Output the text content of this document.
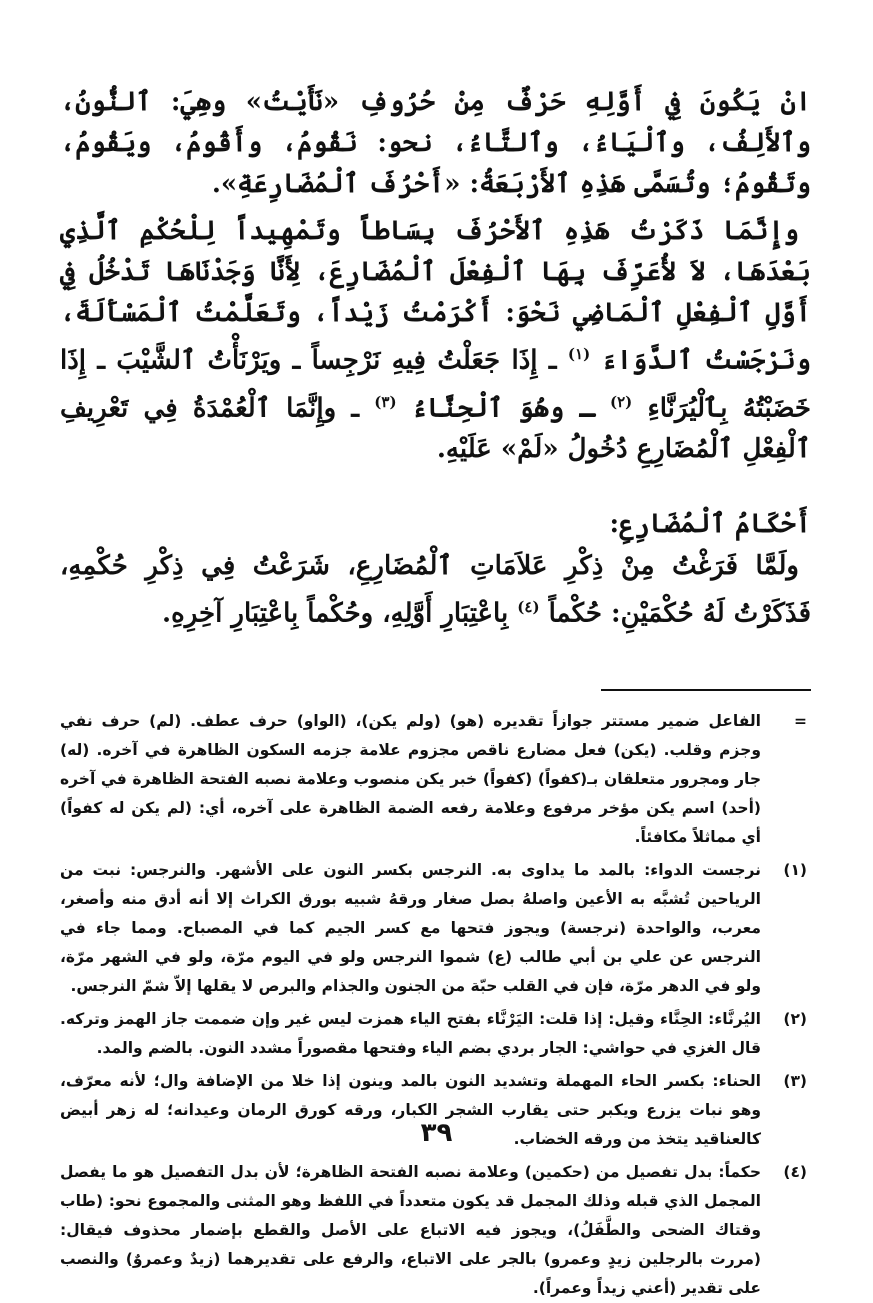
انْ يَكُونَ فِي أَوَّلِهِ حَرْفٌ مِنْ حُرُوفِ «نَأَيْتُ» وهِيَ: ٱلنُّونُ، وٱلأَلِفُ، وٱلْيَاءُ، وٱلتَّاءُ، نحو: نَقُومُ، وأَقُومُ، ويَقُومُ، وتَقُومُ؛ وتُسَمَّى هَذِهِ ٱلأَرْبَعَةُ: «أَحْرُفَ ٱلْمُضَارِعَةِ».

وإِنَّمَا ذَكَرْتُ هَذِهِ ٱلأَحْرُفَ بِسَاطاً وتَمْهِيداً لِلْحُكْمِ ٱلَّذِي بَعْدَهَا، لاَ لأُعَرِّفَ بِهَا ٱلْفِعْلَ ٱلْمُضَارِعَ، لِأَنَّا وَجَدْنَاهَا تَدْخُلُ فِي أَوَّلِ ٱلْفِعْلِ ٱلْمَاضِي نَحْوَ: أَكْرَمْتُ زَيْداً، وتَعَلَّمْتُ ٱلْمَسْأَلَةَ، ونَرْجَسْتُ ٱلدَّوَاءَ $^{(١)}$ ـ إِذَا جَعَلْتُ فِيهِ نَرْجِساً ـ ويَرْنَأْتُ ٱلشَّيْبَ ـ إِذَا خَضَبْتُهُ بِٱلْيُرَنَّاءِ $^{(٢)}$ ـ وهُوَ ٱلْحِنَّاءُ $^{(٣)}$ ـ وإِنَّمَا ٱلْعُمْدَةُ فِي تَعْرِيفِ ٱلْفِعْلِ ٱلْمُضَارِعِ دُخُولُ «لَمْ» عَلَيْهِ.

أَحْكَامُ ٱلْمُضَارِعِ:

ولَمَّا فَرَغْتُ مِنْ ذِكْرِ عَلاَمَاتِ ٱلْمُضَارِعِ، شَرَعْتُ فِي ذِكْرِ حُكْمِهِ، فَذَكَرْتُ لَهُ حُكْمَيْنِ: حُكْماً $^{(٤)}$ بِاعْتِبَارِ أَوَّلِهِ، وحُكْماً بِاعْتِبَارِ آخِرِهِ.

=
الفاعل ضمير مستتر جوازاً تقديره (هو) (ولم يكن)، (الواو) حرف عطف. (لم) حرف نفي وجزم وقلب. (يكن) فعل مضارع ناقص مجزوم علامة جزمه السكون الظاهرة في آخره. (له) جار ومجرور متعلقان بـ(كفواً) (كفواً) خبر يكن منصوب وعلامة نصبه الفتحة الظاهرة في آخره (أحد) اسم يكن مؤخر مرفوع وعلامة رفعه الضمة الظاهرة على آخره، أي: (لم يكن له كفواً) أي مماثلاً مكافئاً.
(١)
نرجست الدواء: بالمد ما يداوى به. النرجس بكسر النون على الأشهر. والنرجس: نبت من الرياحين تُشبَّه به الأعين واصلهُ بصل صغار ورقهُ شبيه بورق الكراث إلا أنه أدق منه وأصغر، معرب، والواحدة (نرجسة) ويجوز فتحها مع كسر الجيم كما في المصباح. ومما جاء في النرجس عن علي بن أبي طالب (ع) شموا النرجس ولو في اليوم مرّة، ولو في الشهر مرّة، ولو في الدهر مرّة، فإن في القلب حبّة من الجنون والجذام والبرص لا يقلها إلاّ شمّ النرجس.
(٢)
اليُرنَّاء: الحِنَّاء وقيل: إذا قلت: اليَرْنَّاء بفتح الياء همزت ليس غير وإن ضممت جاز الهمز وتركه. قال الغزي في حواشي: الجار بردي بضم الياء وفتحها مقصوراً مشدد النون. بالضم والمد.
(٣)
الحناء: بكسر الحاء المهملة وتشديد النون بالمد وينون إذا خلا من الإضافة وال؛ لأنه معرّف، وهو نبات يزرع ويكبر حتى يقارب الشجر الكبار، ورقه كورق الرمان وعيدانه؛ له زهر أبيض كالعناقيد يتخذ من ورقه الخضاب.
(٤)
حكماً: بدل تفصيل من (حكمين) وعلامة نصبه الفتحة الظاهرة؛ لأن بدل التفصيل هو ما يفصل المجمل الذي قبله وذلك المجمل قد يكون متعدداً في اللفظ وهو المثنى والمجموع نحو: (طاب وقتاك الضحى والطَّفَلُ)، ويجوز فيه الاتباع على الأصل والقطع بإضمار محذوف فيقال: (مررت بالرجلين زيدٍ وعمرو) بالجر على الاتباع، والرفع على تقديرهما (زيدٌ وعمروٌ) والنصب على تقدير (أعني زيداً وعمراً).
٣٩
